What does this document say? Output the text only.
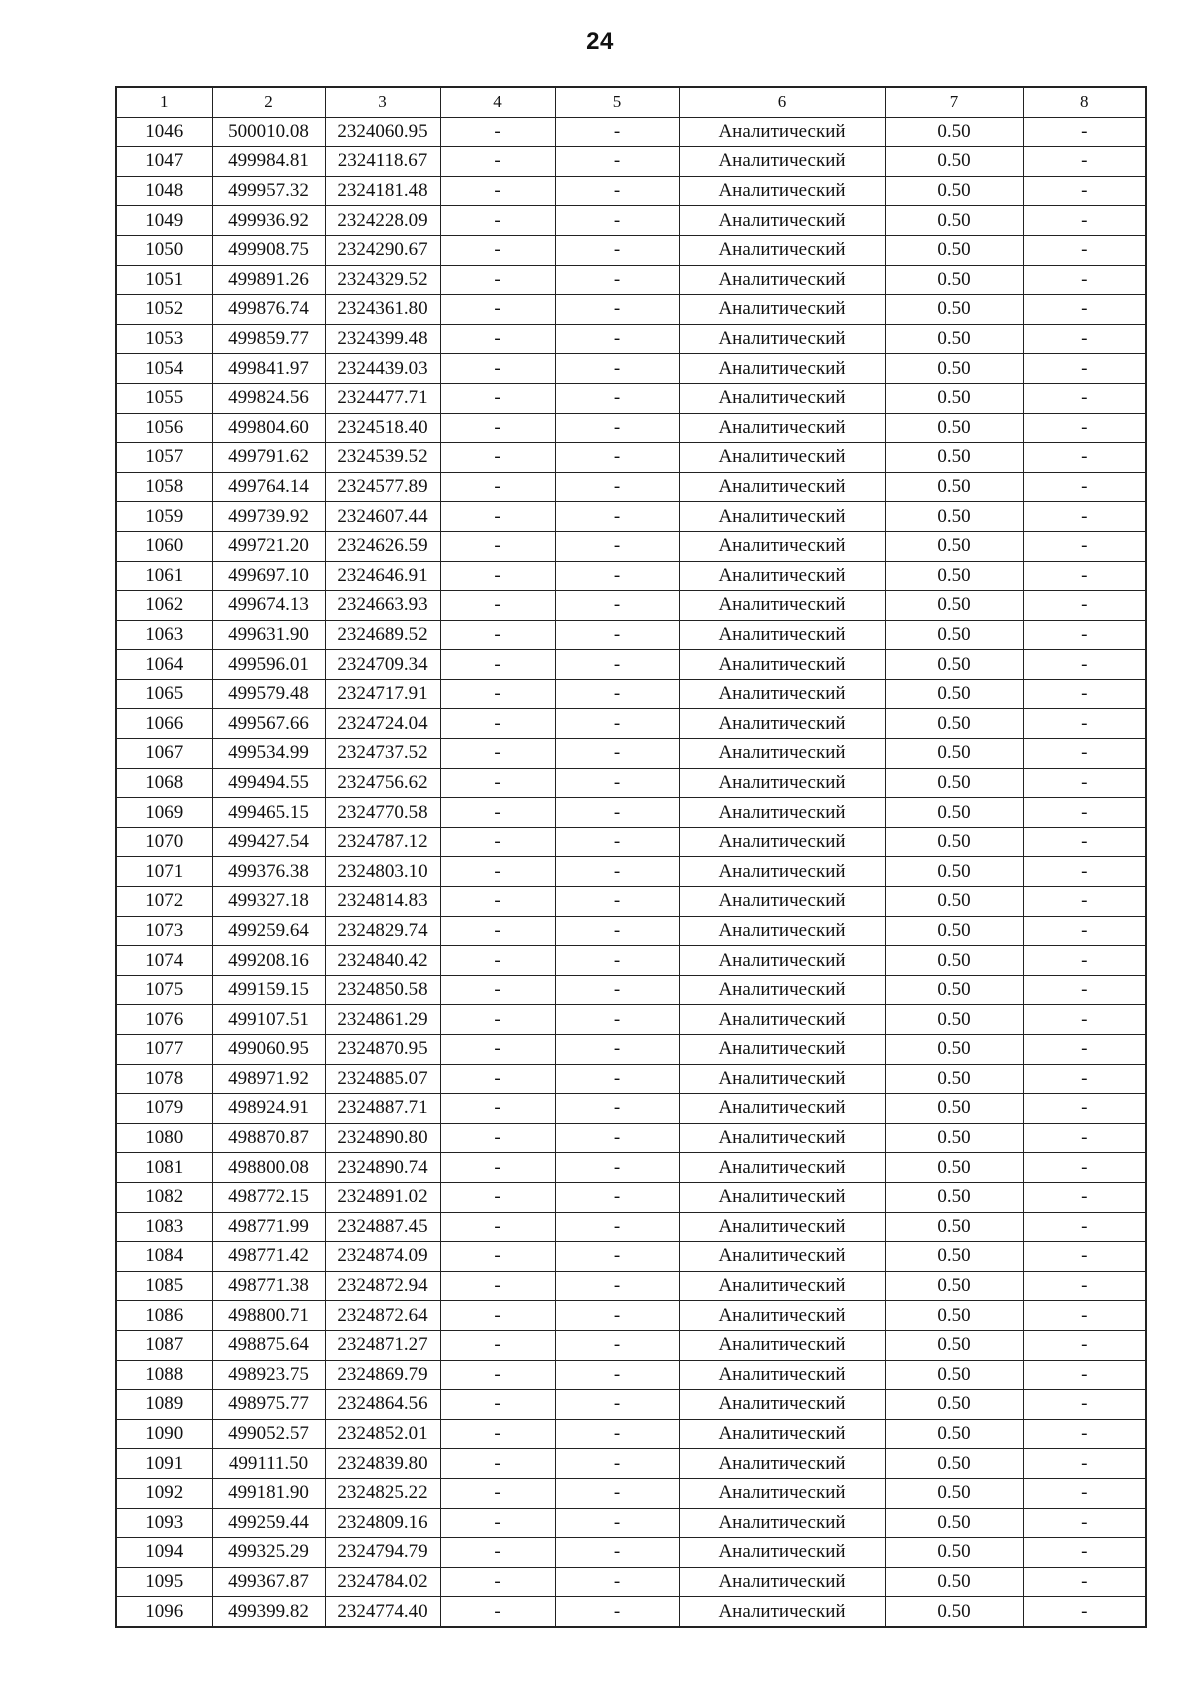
24
1	2	3	4	5	6	7	8
1046	500010.08	2324060.95	-	-	Аналитический	0.50	-
1047	499984.81	2324118.67	-	-	Аналитический	0.50	-
1048	499957.32	2324181.48	-	-	Аналитический	0.50	-
1049	499936.92	2324228.09	-	-	Аналитический	0.50	-
1050	499908.75	2324290.67	-	-	Аналитический	0.50	-
1051	499891.26	2324329.52	-	-	Аналитический	0.50	-
1052	499876.74	2324361.80	-	-	Аналитический	0.50	-
1053	499859.77	2324399.48	-	-	Аналитический	0.50	-
1054	499841.97	2324439.03	-	-	Аналитический	0.50	-
1055	499824.56	2324477.71	-	-	Аналитический	0.50	-
1056	499804.60	2324518.40	-	-	Аналитический	0.50	-
1057	499791.62	2324539.52	-	-	Аналитический	0.50	-
1058	499764.14	2324577.89	-	-	Аналитический	0.50	-
1059	499739.92	2324607.44	-	-	Аналитический	0.50	-
1060	499721.20	2324626.59	-	-	Аналитический	0.50	-
1061	499697.10	2324646.91	-	-	Аналитический	0.50	-
1062	499674.13	2324663.93	-	-	Аналитический	0.50	-
1063	499631.90	2324689.52	-	-	Аналитический	0.50	-
1064	499596.01	2324709.34	-	-	Аналитический	0.50	-
1065	499579.48	2324717.91	-	-	Аналитический	0.50	-
1066	499567.66	2324724.04	-	-	Аналитический	0.50	-
1067	499534.99	2324737.52	-	-	Аналитический	0.50	-
1068	499494.55	2324756.62	-	-	Аналитический	0.50	-
1069	499465.15	2324770.58	-	-	Аналитический	0.50	-
1070	499427.54	2324787.12	-	-	Аналитический	0.50	-
1071	499376.38	2324803.10	-	-	Аналитический	0.50	-
1072	499327.18	2324814.83	-	-	Аналитический	0.50	-
1073	499259.64	2324829.74	-	-	Аналитический	0.50	-
1074	499208.16	2324840.42	-	-	Аналитический	0.50	-
1075	499159.15	2324850.58	-	-	Аналитический	0.50	-
1076	499107.51	2324861.29	-	-	Аналитический	0.50	-
1077	499060.95	2324870.95	-	-	Аналитический	0.50	-
1078	498971.92	2324885.07	-	-	Аналитический	0.50	-
1079	498924.91	2324887.71	-	-	Аналитический	0.50	-
1080	498870.87	2324890.80	-	-	Аналитический	0.50	-
1081	498800.08	2324890.74	-	-	Аналитический	0.50	-
1082	498772.15	2324891.02	-	-	Аналитический	0.50	-
1083	498771.99	2324887.45	-	-	Аналитический	0.50	-
1084	498771.42	2324874.09	-	-	Аналитический	0.50	-
1085	498771.38	2324872.94	-	-	Аналитический	0.50	-
1086	498800.71	2324872.64	-	-	Аналитический	0.50	-
1087	498875.64	2324871.27	-	-	Аналитический	0.50	-
1088	498923.75	2324869.79	-	-	Аналитический	0.50	-
1089	498975.77	2324864.56	-	-	Аналитический	0.50	-
1090	499052.57	2324852.01	-	-	Аналитический	0.50	-
1091	499111.50	2324839.80	-	-	Аналитический	0.50	-
1092	499181.90	2324825.22	-	-	Аналитический	0.50	-
1093	499259.44	2324809.16	-	-	Аналитический	0.50	-
1094	499325.29	2324794.79	-	-	Аналитический	0.50	-
1095	499367.87	2324784.02	-	-	Аналитический	0.50	-
1096	499399.82	2324774.40	-	-	Аналитический	0.50	-
